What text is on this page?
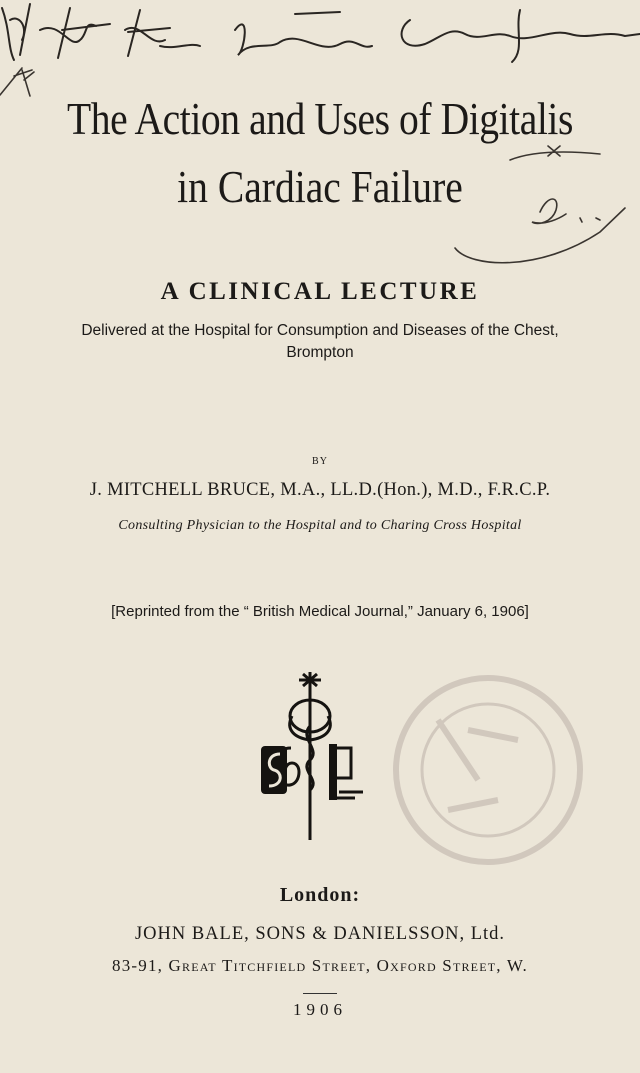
The Action and Uses of Digitalis
in Cardiac Failure
A CLINICAL LECTURE
Delivered at the Hospital for Consumption and Diseases of the Chest,
Brompton
BY
J. MITCHELL BRUCE, M.A., LL.D.(Hon.), M.D., F.R.C.P.
Consulting Physician to the Hospital and to Charing Cross Hospital
[Reprinted from the “ British Medical Journal,” January 6, 1906]
London:
JOHN BALE, SONS & DANIELSSON, Ltd.
83-91, Great Titchfield Street, Oxford Street, W.
1906
